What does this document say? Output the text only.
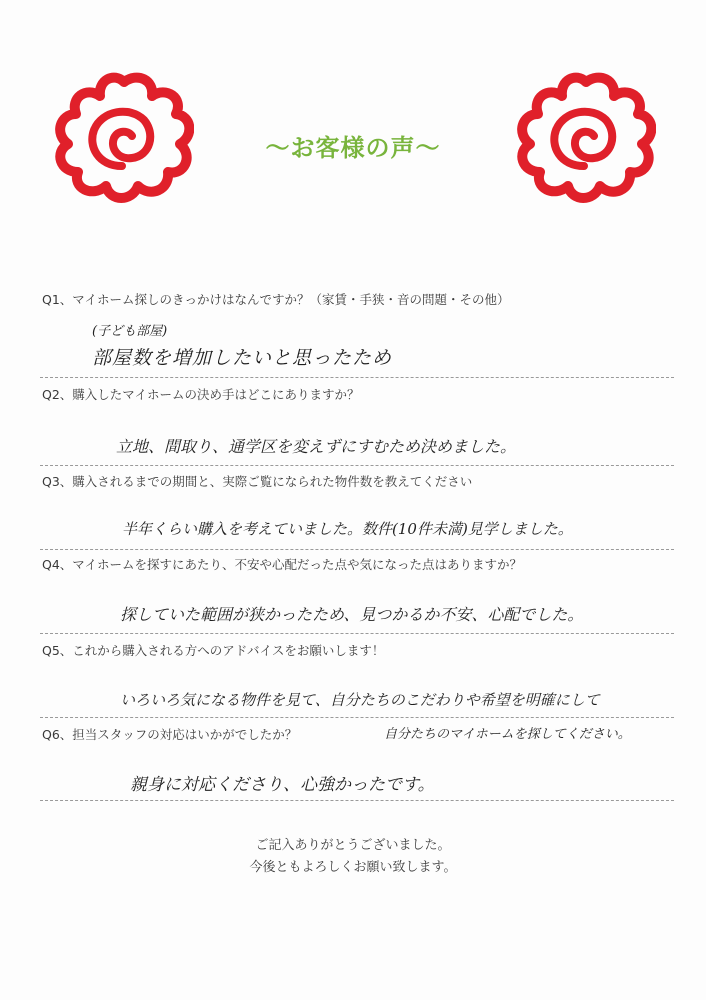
～お客様の声～
Q1、マイホーム探しのきっかけはなんですか？（家賃・手狭・音の問題・その他）
(子ども部屋)
部屋数を増加したいと思ったため
Q2、購入したマイホームの決め手はどこにありますか？
立地、間取り、通学区を変えずにすむため決めました。
Q3、購入されるまでの期間と、実際ご覧になられた物件数を教えてください
半年くらい購入を考えていました。数件(10件未満)見学しました。
Q4、マイホームを探すにあたり、不安や心配だった点や気になった点はありますか？
探していた範囲が狭かったため、見つかるか不安、心配でした。
Q5、これから購入される方へのアドバイスをお願いします！
いろいろ気になる物件を見て、自分たちのこだわりや希望を明確にして
Q6、担当スタッフの対応はいかがでしたか？	自分たちのマイホームを探してください。
親身に対応くださり、心強かったです。
ご記入ありがとうございました。
今後ともよろしくお願い致します。
